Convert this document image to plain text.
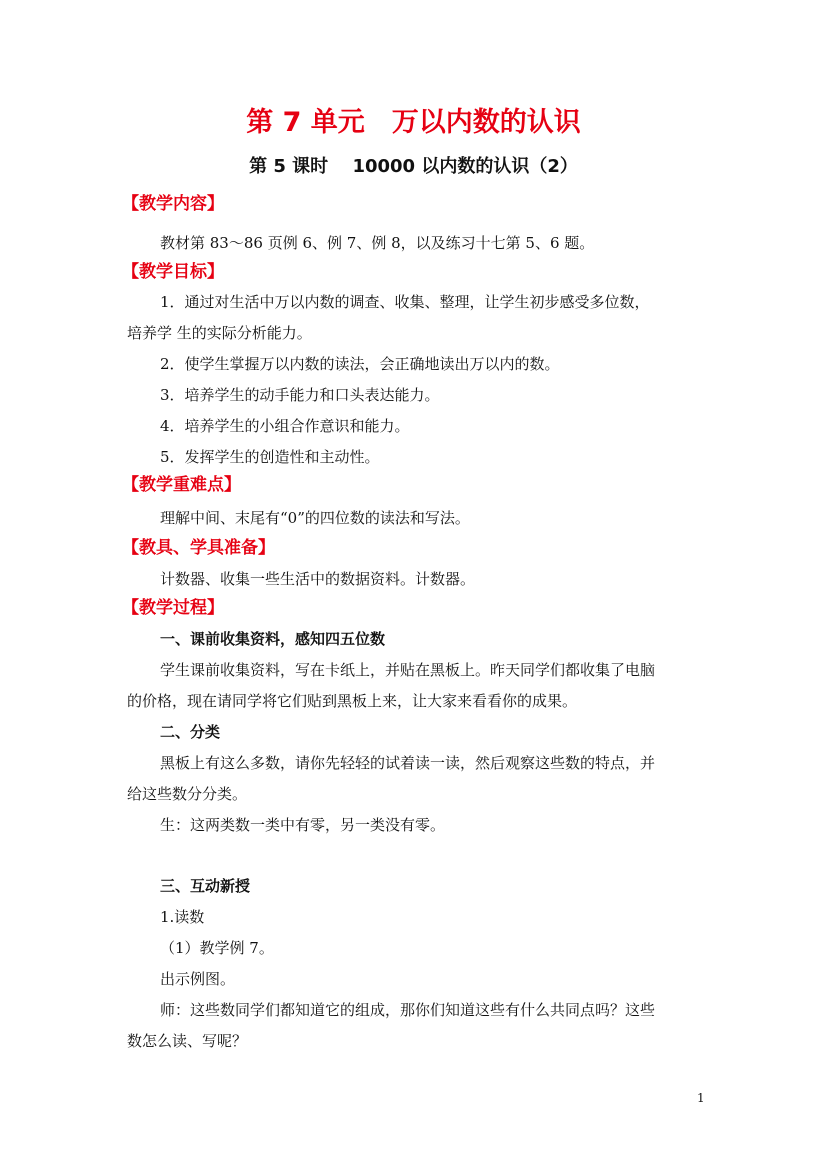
第 7 单元　万以内数的认识
第 5 课时　 10000 以内数的认识（2）
【教学内容】
教材第 83～86 页例 6、例 7、例 8，以及练习十七第 5、6 题。
【教学目标】
1．通过对生活中万以内数的调查、收集、整理，让学生初步感受多位数，
培养学 生的实际分析能力。
2．使学生掌握万以内数的读法，会正确地读出万以内的数。
3．培养学生的动手能力和口头表达能力。
4．培养学生的小组合作意识和能力。
5．发挥学生的创造性和主动性。
【教学重难点】
理解中间、末尾有“0”的四位数的读法和写法。
【教具、学具准备】
计数器、收集一些生活中的数据资料。计数器。
【教学过程】
一、课前收集资料，感知四五位数
学生课前收集资料，写在卡纸上，并贴在黑板上。昨天同学们都收集了电脑
的价格，现在请同学将它们贴到黑板上来，让大家来看看你的成果。
二、分类
黑板上有这么多数，请你先轻轻的试着读一读，然后观察这些数的特点，并
给这些数分分类。
生：这两类数一类中有零，另一类没有零。
三、互动新授
1.读数
（1）教学例 7。
出示例图。
师：这些数同学们都知道它的组成，那你们知道这些有什么共同点吗？这些
数怎么读、写呢？
1
